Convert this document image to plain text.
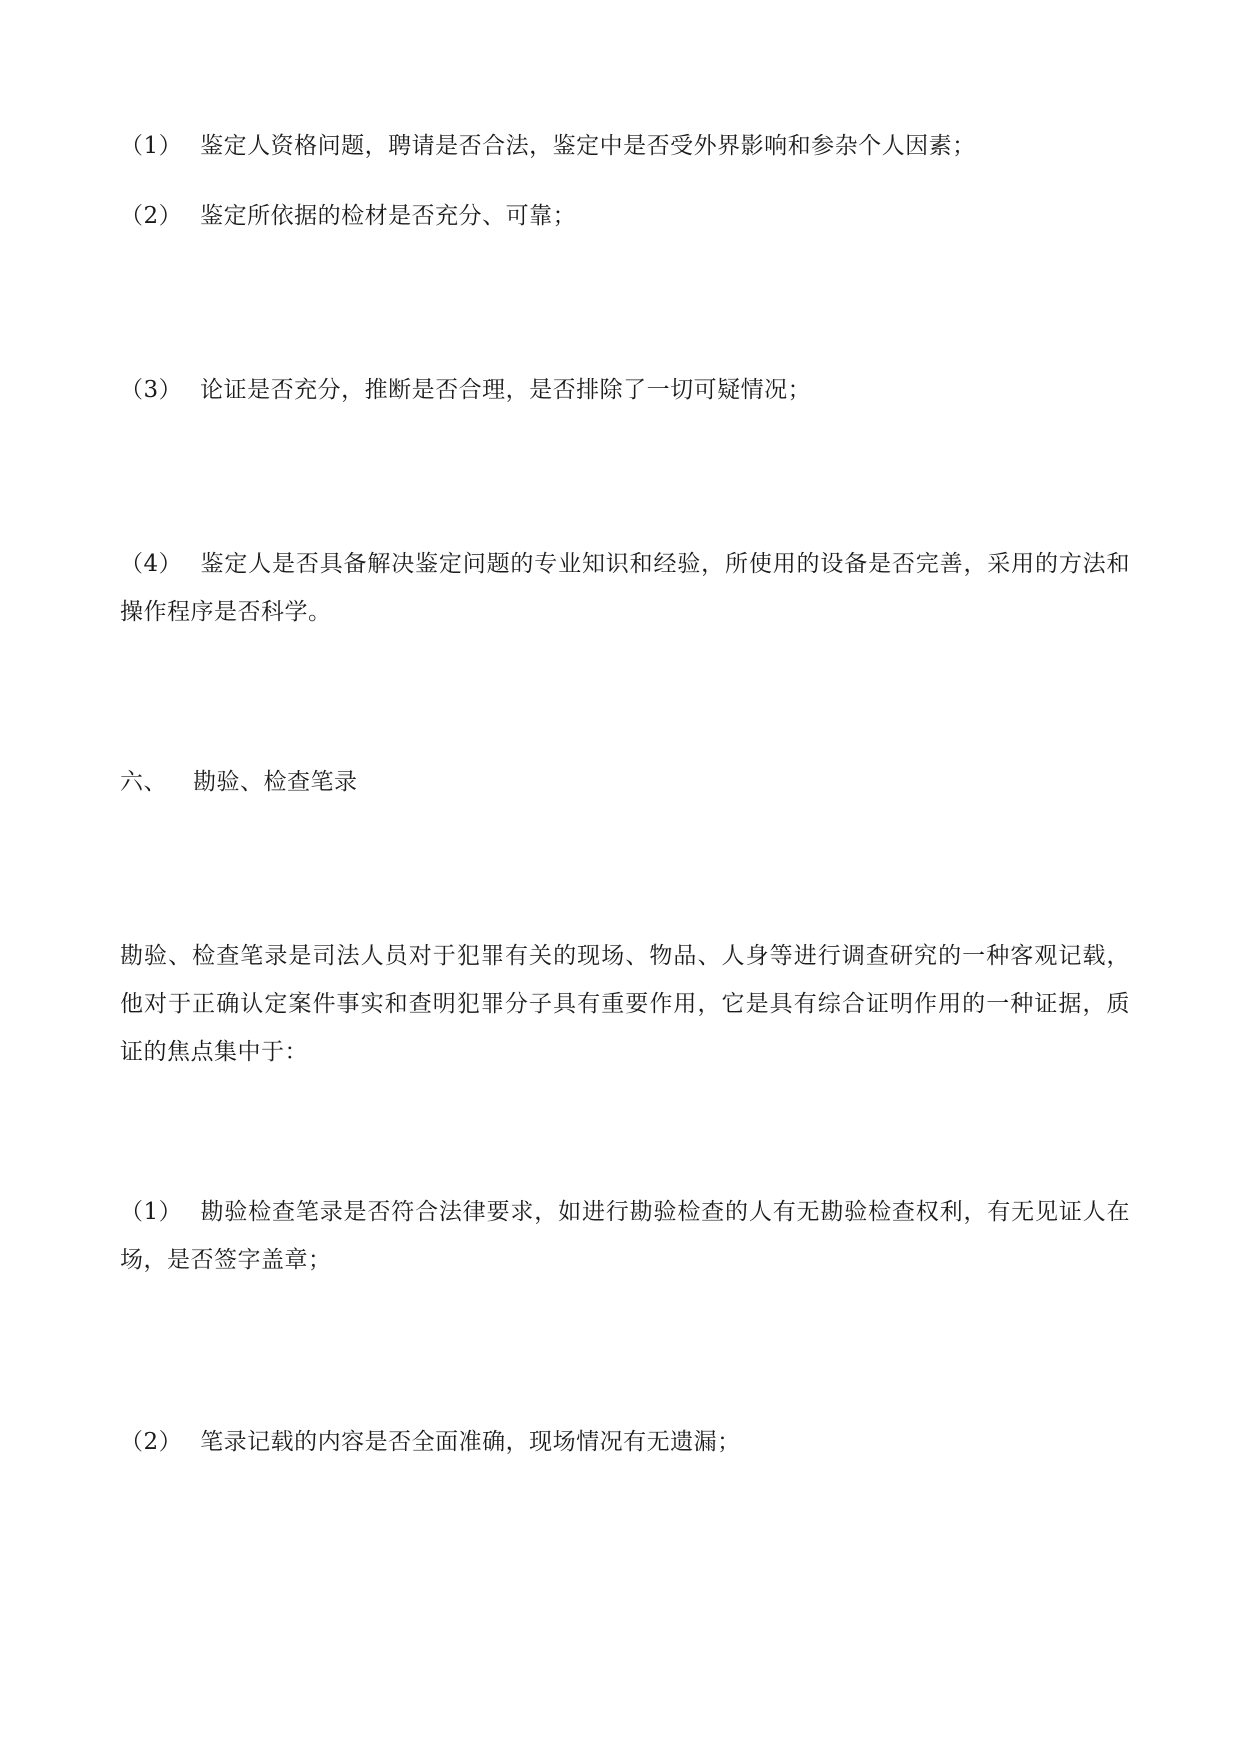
（1） 鉴定人资格问题，聘请是否合法，鉴定中是否受外界影响和参杂个人因素；
（2） 鉴定所依据的检材是否充分、可靠；
（3） 论证是否充分，推断是否合理，是否排除了一切可疑情况；
（4） 鉴定人是否具备解决鉴定问题的专业知识和经验，所使用的设备是否完善，采用的方法和操作程序是否科学。
六、 勘验、检查笔录
勘验、检查笔录是司法人员对于犯罪有关的现场、物品、人身等进行调查研究的一种客观记载，他对于正确认定案件事实和查明犯罪分子具有重要作用，它是具有综合证明作用的一种证据，质证的焦点集中于：
（1） 勘验检查笔录是否符合法律要求，如进行勘验检查的人有无勘验检查权利，有无见证人在场，是否签字盖章；
（2） 笔录记载的内容是否全面准确，现场情况有无遗漏；
